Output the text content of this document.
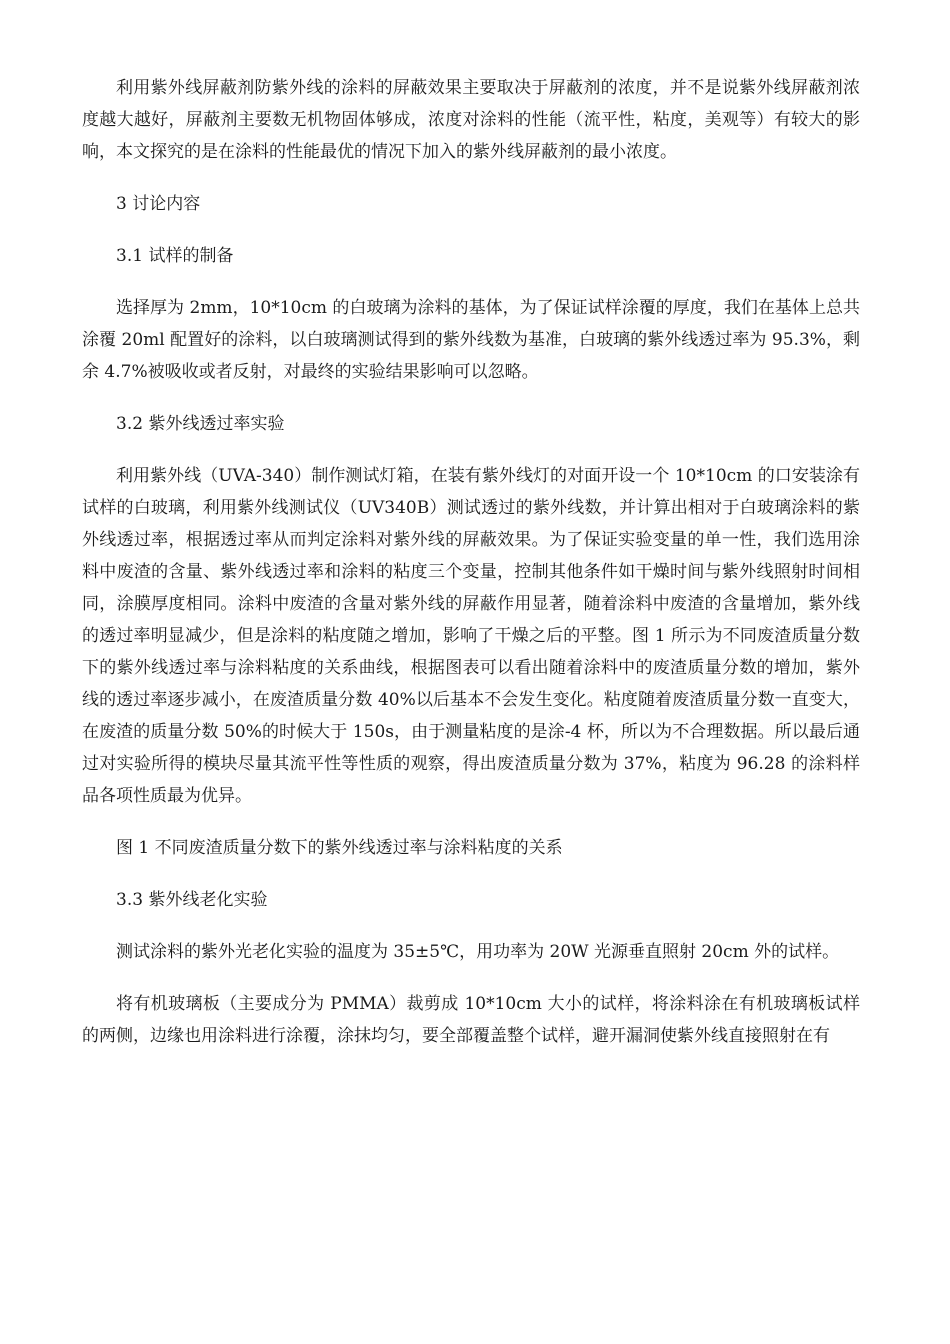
利用紫外线屏蔽剂防紫外线的涂料的屏蔽效果主要取决于屏蔽剂的浓度，并不是说紫外线屏蔽剂浓度越大越好，屏蔽剂主要数无机物固体够成，浓度对涂料的性能（流平性，粘度，美观等）有较大的影响，本文探究的是在涂料的性能最优的情况下加入的紫外线屏蔽剂的最小浓度。

3 讨论内容

3.1 试样的制备

选择厚为 2mm，10*10cm 的白玻璃为涂料的基体，为了保证试样涂覆的厚度，我们在基体上总共涂覆 20ml 配置好的涂料，以白玻璃测试得到的紫外线数为基准，白玻璃的紫外线透过率为 95.3%，剩余 4.7%被吸收或者反射，对最终的实验结果影响可以忽略。

3.2 紫外线透过率实验

利用紫外线（UVA-340）制作测试灯箱，在装有紫外线灯的对面开设一个 10*10cm 的口安装涂有试样的白玻璃，利用紫外线测试仪（UV340B）测试透过的紫外线数，并计算出相对于白玻璃涂料的紫外线透过率，根据透过率从而判定涂料对紫外线的屏蔽效果。为了保证实验变量的单一性，我们选用涂料中废渣的含量、紫外线透过率和涂料的粘度三个变量，控制其他条件如干燥时间与紫外线照射时间相同，涂膜厚度相同。涂料中废渣的含量对紫外线的屏蔽作用显著，随着涂料中废渣的含量增加，紫外线的透过率明显减少，但是涂料的粘度随之增加，影响了干燥之后的平整。图 1 所示为不同废渣质量分数下的紫外线透过率与涂料粘度的关系曲线，根据图表可以看出随着涂料中的废渣质量分数的增加，紫外线的透过率逐步减小，在废渣质量分数 40%以后基本不会发生变化。粘度随着废渣质量分数一直变大，在废渣的质量分数 50%的时候大于 150s，由于测量粘度的是涂-4 杯，所以为不合理数据。所以最后通过对实验所得的模块尽量其流平性等性质的观察，得出废渣质量分数为 37%，粘度为 96.28 的涂料样品各项性质最为优异。

图 1 不同废渣质量分数下的紫外线透过率与涂料粘度的关系

3.3 紫外线老化实验

测试涂料的紫外光老化实验的温度为 35±5℃，用功率为 20W 光源垂直照射 20cm 外的试样。

将有机玻璃板（主要成分为 PMMA）裁剪成 10*10cm 大小的试样，将涂料涂在有机玻璃板试样的两侧，边缘也用涂料进行涂覆，涂抹均匀，要全部覆盖整个试样，避开漏洞使紫外线直接照射在有
